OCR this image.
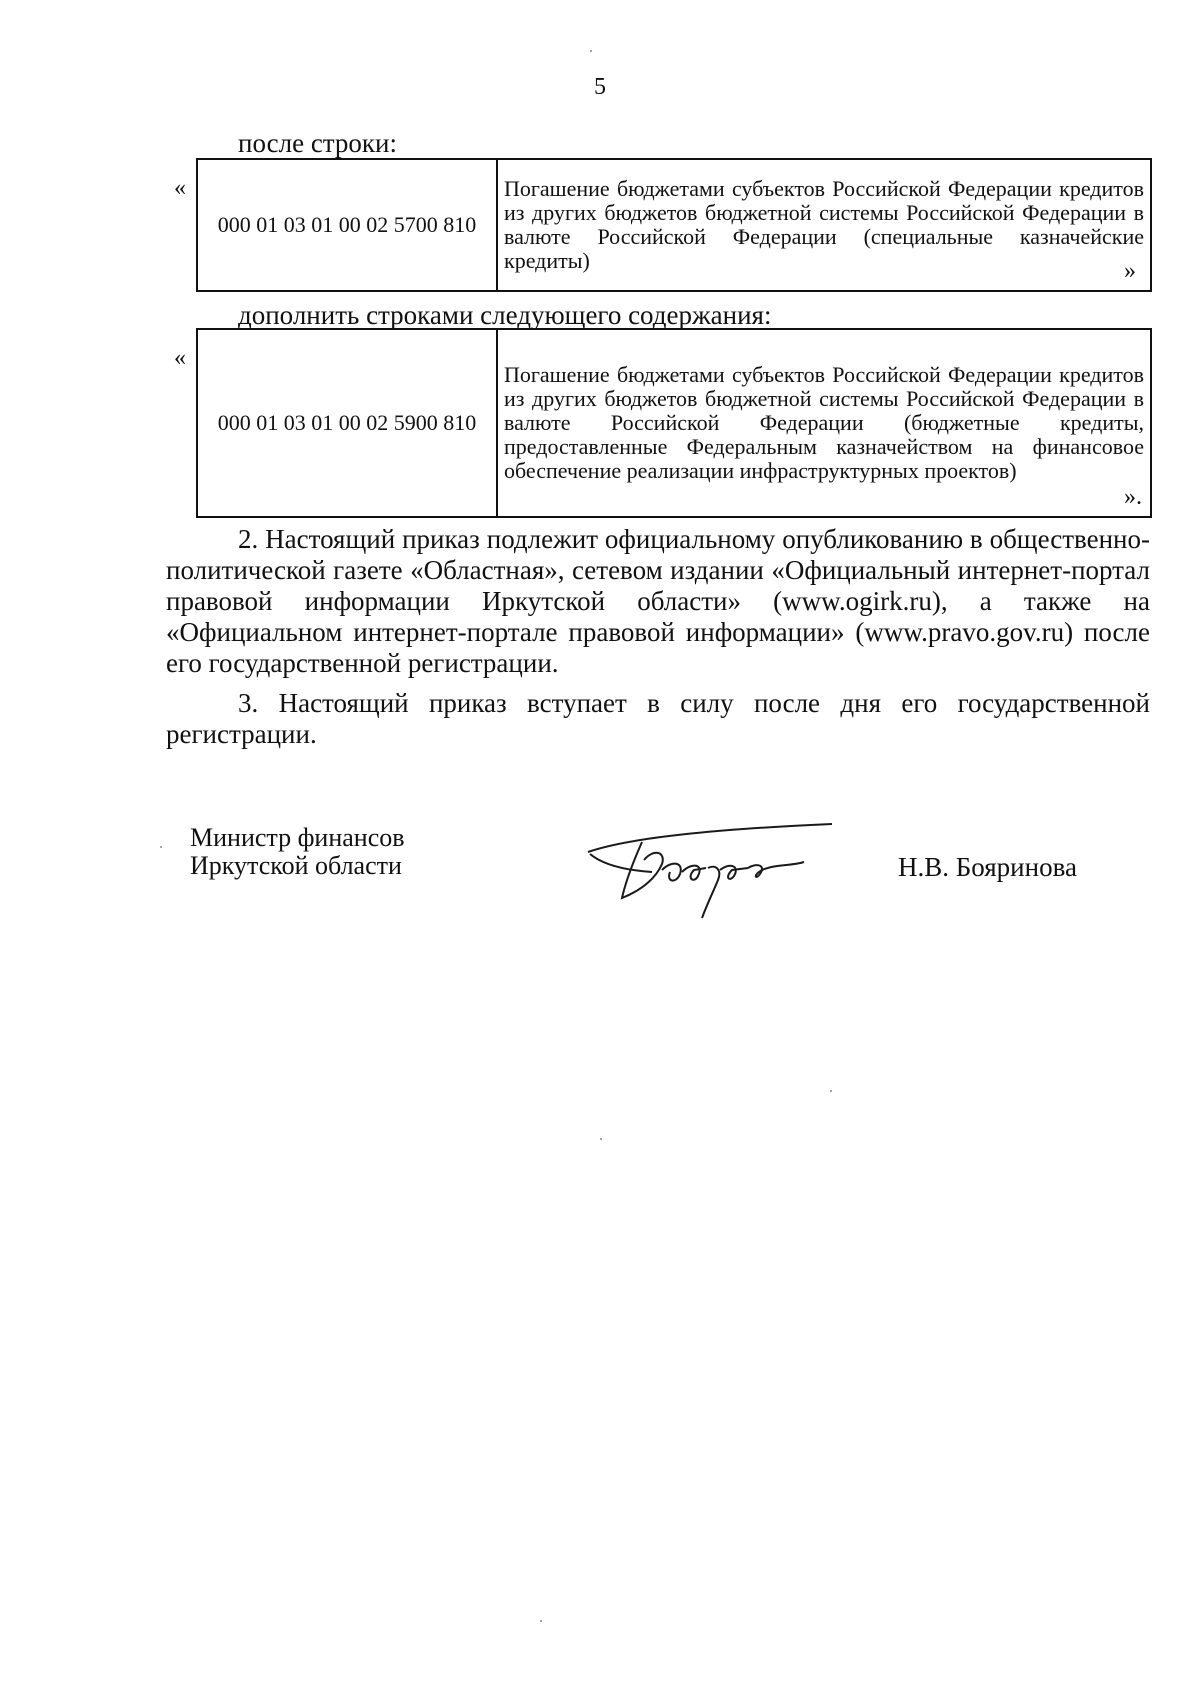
5
после строки:
«
000 01 03 01 00 02 5700 810	Погашение бюджетами субъектов Российской Федерации кредитов из других бюджетов бюджетной системы Российской Федерации в валюте Российской Федерации (специальные казначейские кредиты)	»
дополнить строками следующего содержания:
«
000 01 03 01 00 02 5900 810	Погашение бюджетами субъектов Российской Федерации кредитов из других бюджетов бюджетной системы Российской Федерации в валюте Российской Федерации (бюджетные кредиты, предоставленные Федеральным казначейством на финансовое обеспечение реализации инфраструктурных проектов)
».

2. Настоящий приказ подлежит официальному опубликованию в общественно-политической газете «Областная», сетевом издании «Официальный интернет-портал правовой информации Иркутской области» (www.ogirk.ru), а также на «Официальном интернет-портале правовой информации» (www.pravo.gov.ru) после его государственной регистрации.

3. Настоящий приказ вступает в силу после дня его государственной регистрации.

Министр финансов
Иркутской области	Н.В. Бояринова
